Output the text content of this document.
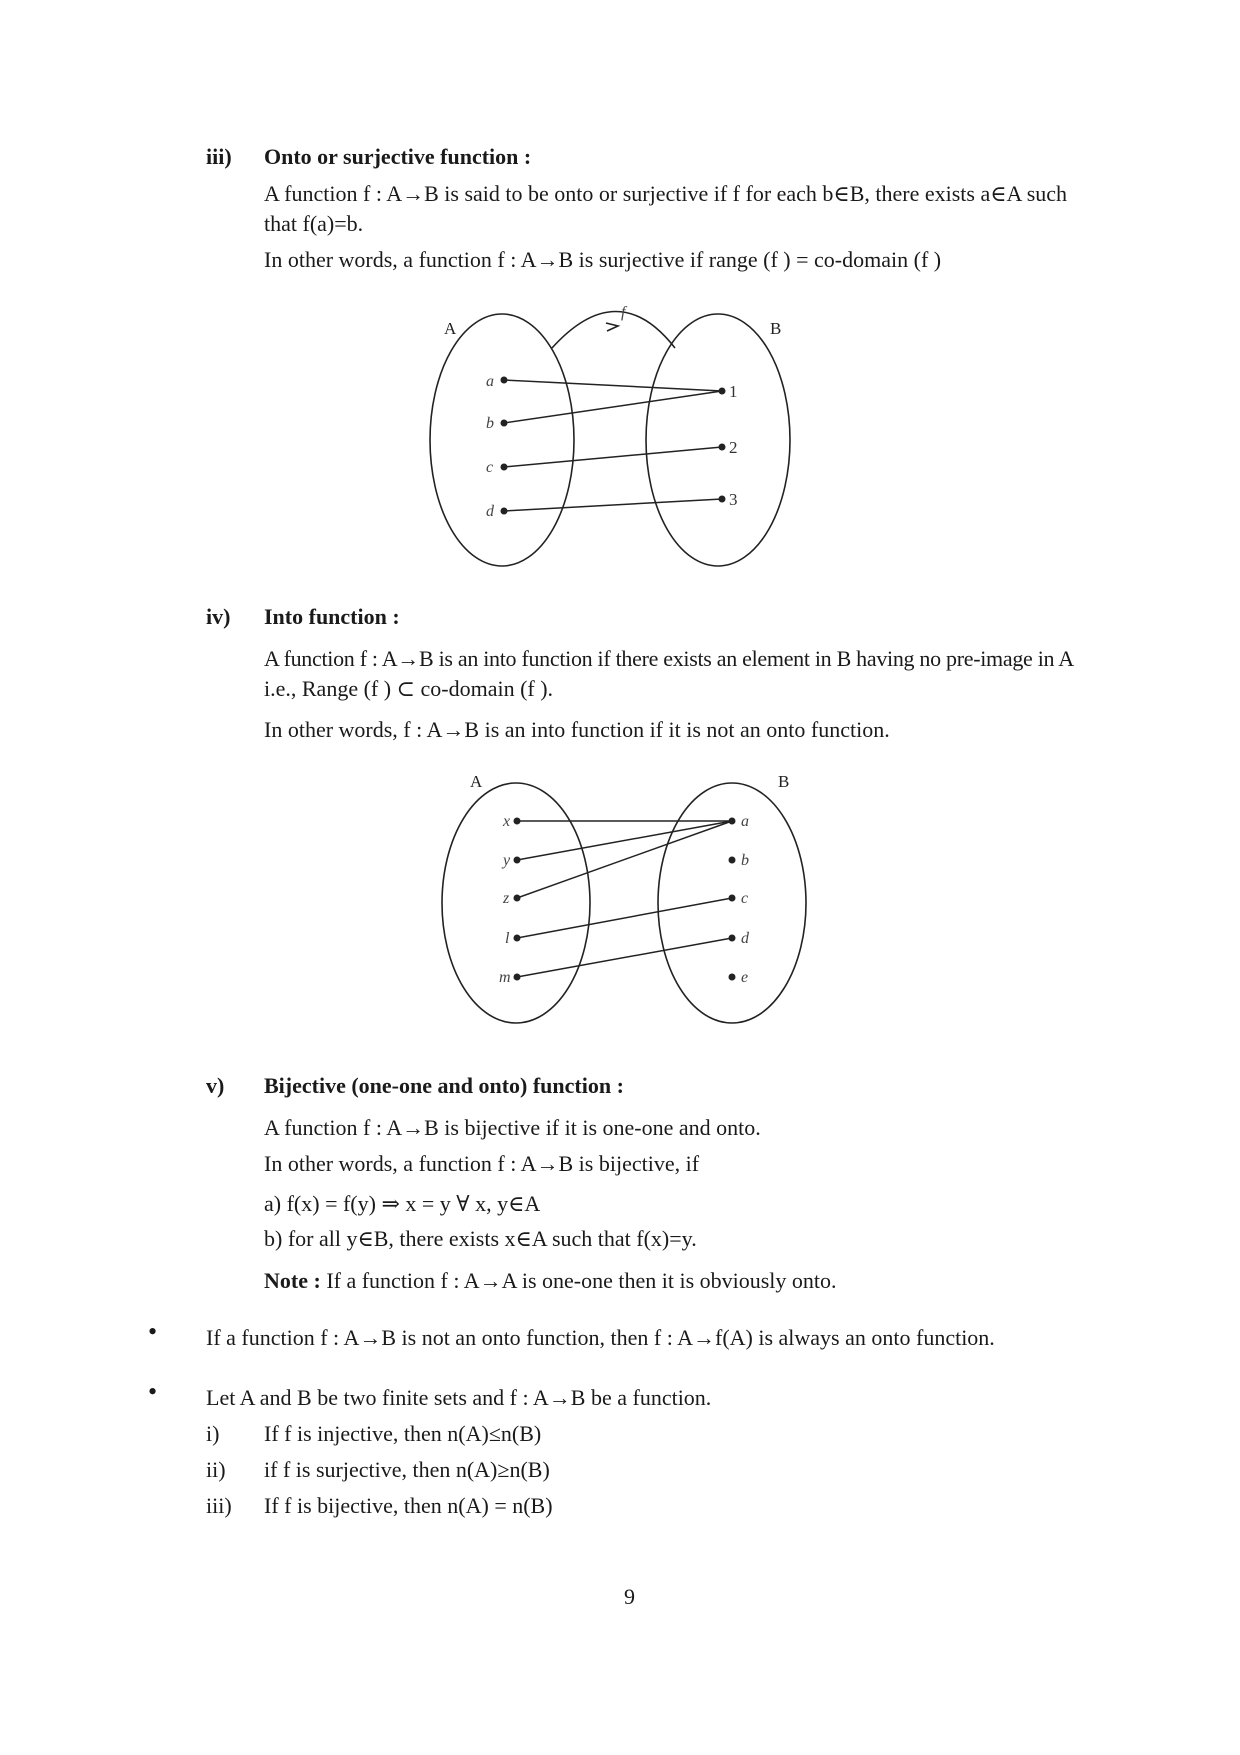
iii) Onto or surjective function :
A function f : A→B is said to be onto or surjective if f for each b∈B, there exists a∈A such
that f(a)=b.
In other words, a function f : A→B is surjective if range (f ) = co-domain (f )
A	B
f
a
b
c
d
1
2
3
iv) Into function :
A function f : A→B is an into function if there exists an element in B having no pre-image in A
i.e., Range (f ) ⊂ co-domain (f ).
In other words, f : A→B is an into function if it is not an onto function.
A	B
x
y
z
l
m
a
b
c
d
e
v) Bijective (one-one and onto) function :
A function f : A→B is bijective if it is one-one and onto.
In other words, a function f : A→B is bijective, if
a) f(x) = f(y) ⇒ x = y ∀ x, y∈A
b) for all y∈B, there exists x∈A such that f(x)=y.
Note : If a function f : A→A is one-one then it is obviously onto.
• If a function f : A→B is not an onto function, then f : A→f(A) is always an onto function.
• Let A and B be two finite sets and f : A→B be a function.
i) If f is injective, then n(A)≤n(B)
ii) if f is surjective, then n(A)≥n(B)
iii) If f is bijective, then n(A) = n(B)
9
